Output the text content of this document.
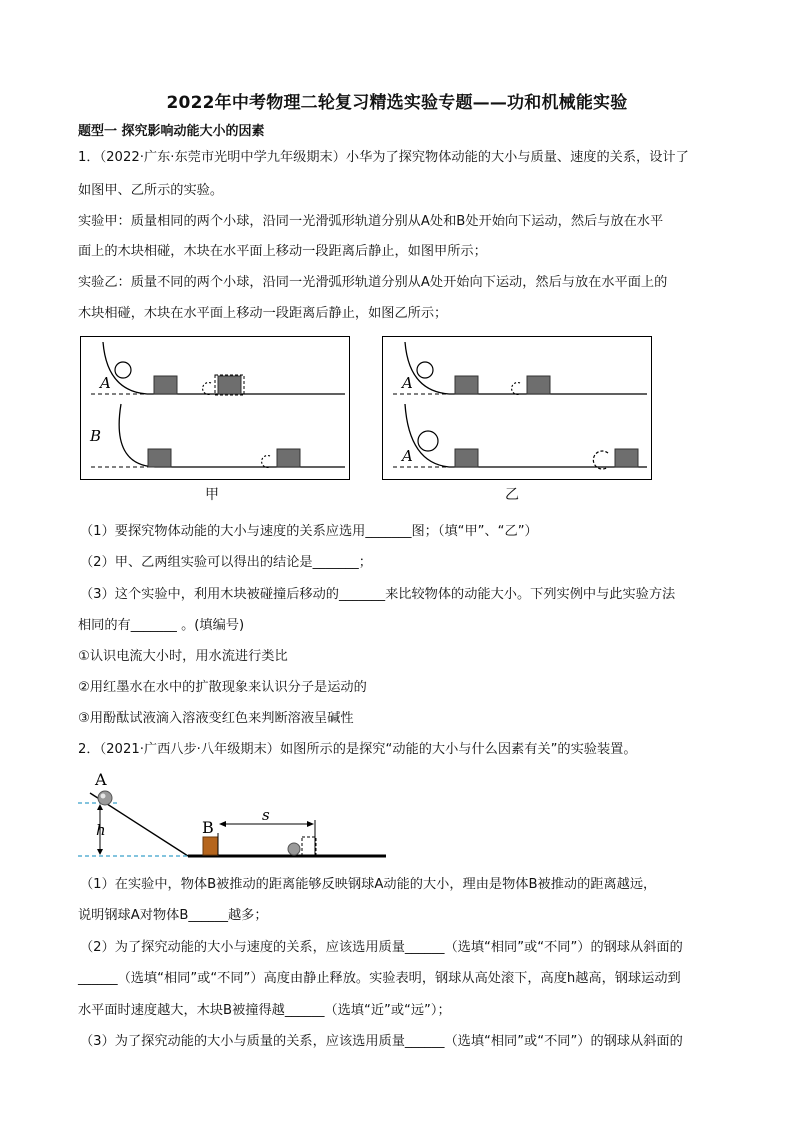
2022年中考物理二轮复习精选实验专题——功和机械能实验
题型一 探究影响动能大小的因素
1．（2022·广东·东莞市光明中学九年级期末）小华为了探究物体动能的大小与质量、速度的关系，设计了
如图甲、乙所示的实验。
实验甲：质量相同的两个小球，沿同一光滑弧形轨道分别从A处和B处开始向下运动，然后与放在水平
面上的木块相碰，木块在水平面上移动一段距离后静止，如图甲所示；
实验乙：质量不同的两个小球，沿同一光滑弧形轨道分别从A处开始向下运动，然后与放在水平面上的
木块相碰，木块在水平面上移动一段距离后静止，如图乙所示；
A
B
甲
A
A
乙
（1）要探究物体动能的大小与速度的关系应选用_______图；（填“甲”、“乙”）
（2）甲、乙两组实验可以得出的结论是_______；
（3）这个实验中，利用木块被碰撞后移动的_______来比较物体的动能大小。下列实例中与此实验方法
相同的有_______ 。(填编号)
①认识电流大小时，用水流进行类比
②用红墨水在水中的扩散现象来认识分子是运动的
③用酚酞试液滴入溶液变红色来判断溶液呈碱性
2．（2021·广西八步·八年级期末）如图所示的是探究“动能的大小与什么因素有关”的实验装置。
A
h	B
s
（1）在实验中，物体B被推动的距离能够反映钢球A动能的大小，理由是物体B被推动的距离越远，
说明钢球A对物体B______越多；
（2）为了探究动能的大小与速度的关系，应该选用质量______（选填“相同”或“不同”）的钢球从斜面的
______（选填“相同”或“不同”）高度由静止释放。实验表明，钢球从高处滚下，高度h越高，钢球运动到
水平面时速度越大，木块B被撞得越______（选填“近”或“远”）；
（3）为了探究动能的大小与质量的关系，应该选用质量______（选填“相同”或“不同”）的钢球从斜面的
